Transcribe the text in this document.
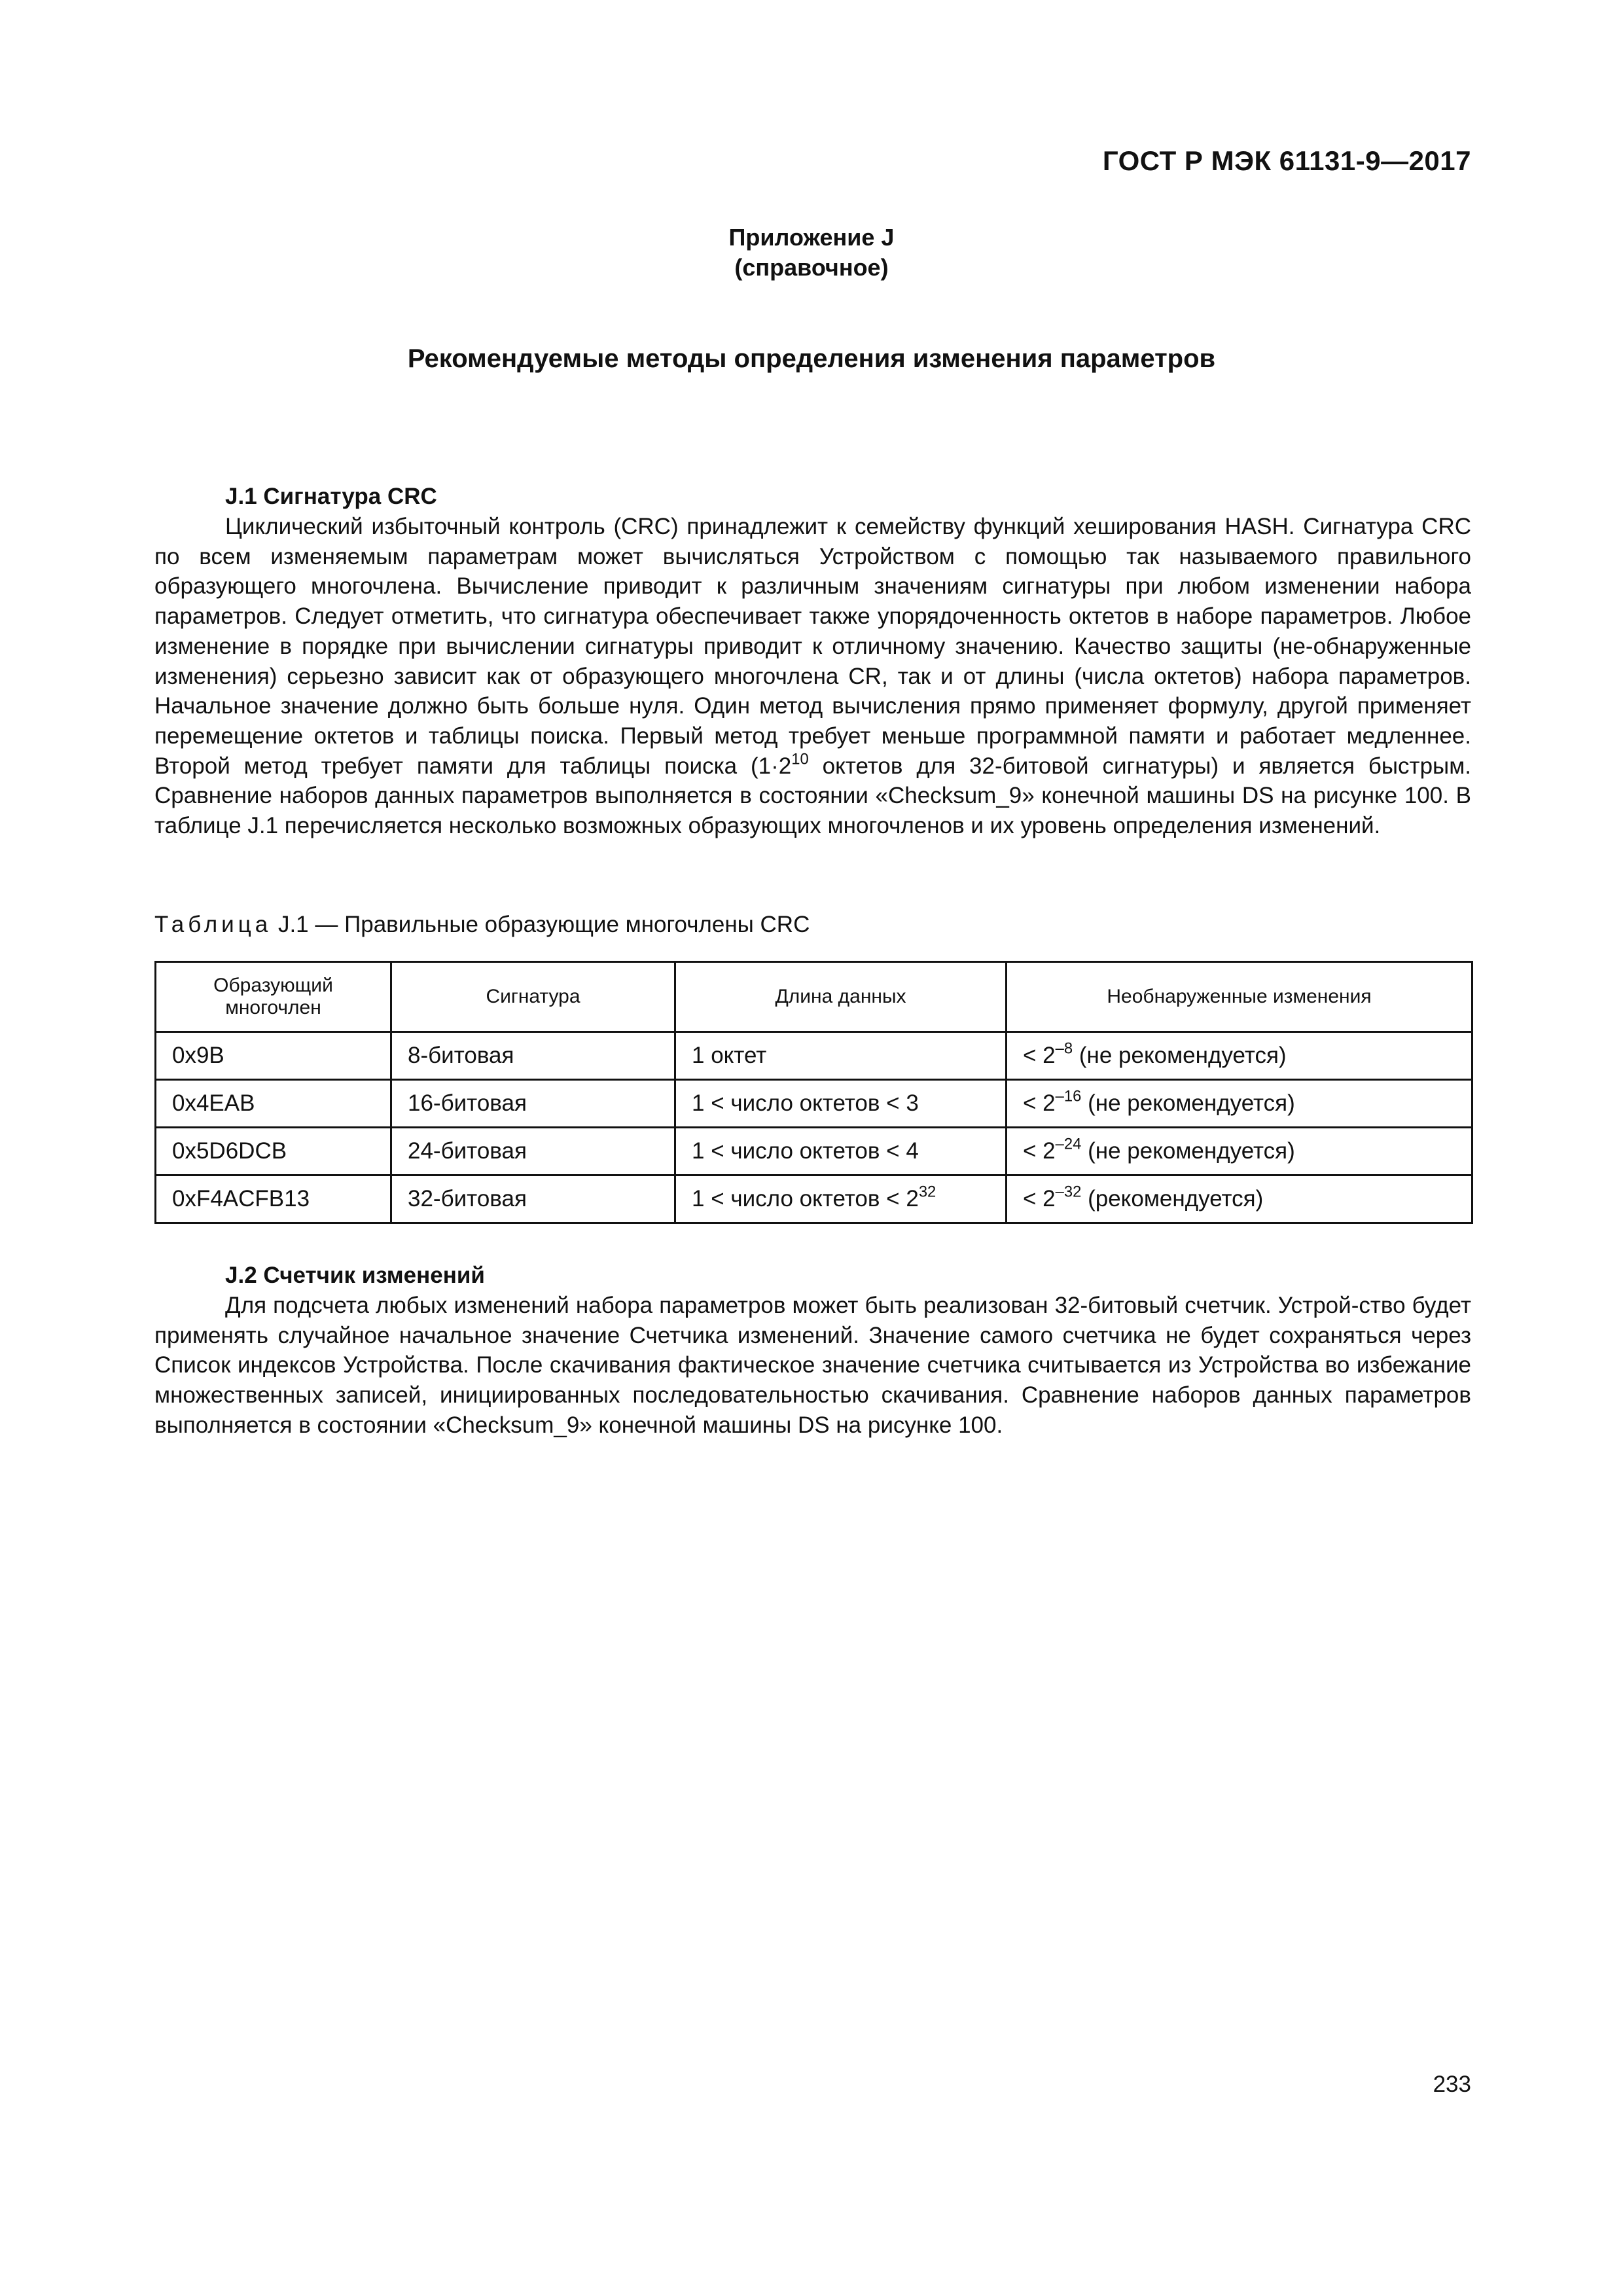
ГОСТ Р МЭК 61131-9—2017
Приложение J
(справочное)
Рекомендуемые методы определения изменения параметров

J.1 Сигнатура CRC

Циклический избыточный контроль (CRC) принадлежит к семейству функций хеширования HASH. Сигнатура CRC по всем изменяемым параметрам может вычисляться Устройством с помощью так называемого правильного образующего многочлена. Вычисление приводит к различным значениям сигнатуры при любом изменении набора параметров. Следует отметить, что сигнатура обеспечивает также упорядоченность октетов в наборе параметров. Любое изменение в порядке при вычислении сигнатуры приводит к отличному значению. Качество защиты (не-обнаруженные изменения) серьезно зависит как от образующего многочлена CR, так и от длины (числа октетов) набора параметров. Начальное значение должно быть больше нуля. Один метод вычисления прямо применяет формулу, другой применяет перемещение октетов и таблицы поиска. Первый метод требует меньше программной памяти и работает медленнее. Второй метод требует памяти для таблицы поиска ($1\cdot 2^{10}$ октетов для 32-битовой сигнатуры) и является быстрым. Сравнение наборов данных параметров выполняется в состоянии «Checksum_9» конечной машины DS на рисунке 100. В таблице J.1 перечисляется несколько возможных образующих многочленов и их уровень определения изменений.

Таблица J.1 — Правильные образующие многочлены CRC
Образующий многочлен	Сигнатура	Длина данных	Необнаруженные изменения
0x9B	8-битовая	1 октет	< $2^{-8}$ (не рекомендуется)
0x4EAB	16-битовая	1 < число октетов < 3	< $2^{-16}$ (не рекомендуется)
0x5D6DCB	24-битовая	1 < число октетов < 4	< $2^{-24}$ (не рекомендуется)
0xF4ACFB13	32-битовая	1 < число октетов < $2^{32}$	< $2^{-32}$ (рекомендуется)

J.2 Счетчик изменений

Для подсчета любых изменений набора параметров может быть реализован 32-битовый счетчик. Устрой-ство будет применять случайное начальное значение Счетчика изменений. Значение самого счетчика не будет сохраняться через Список индексов Устройства. После скачивания фактическое значение счетчика считывается из Устройства во избежание множественных записей, инициированных последовательностью скачивания. Сравнение наборов данных параметров выполняется в состоянии «Checksum_9» конечной машины DS на рисунке 100.

233
